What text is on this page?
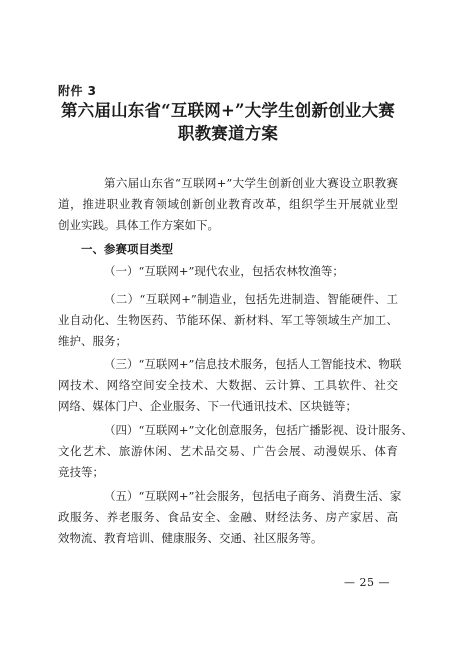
附件 3
第六届山东省“互联网+”大学生创新创业大赛
职教赛道方案
第六届山东省“互联网+”大学生创新创业大赛设立职教赛
道，推进职业教育领域创新创业教育改革，组织学生开展就业型
创业实践。具体工作方案如下。
一、参赛项目类型
（一）“互联网+”现代农业，包括农林牧渔等；
（二）“互联网+”制造业，包括先进制造、智能硬件、工
业自动化、生物医药、节能环保、新材料、军工等领域生产加工、
维护、服务；
（三）“互联网+”信息技术服务，包括人工智能技术、物联
网技术、网络空间安全技术、大数据、云计算、工具软件、社交
网络、媒体门户、企业服务、下一代通讯技术、区块链等；
（四）“互联网+”文化创意服务，包括广播影视、设计服务、
文化艺术、旅游休闲、艺术品交易、广告会展、动漫娱乐、体育
竞技等；
（五）“互联网+”社会服务，包括电子商务、消费生活、家
政服务、养老服务、食品安全、金融、财经法务、房产家居、高
效物流、教育培训、健康服务、交通、社区服务等。
— 25 —
